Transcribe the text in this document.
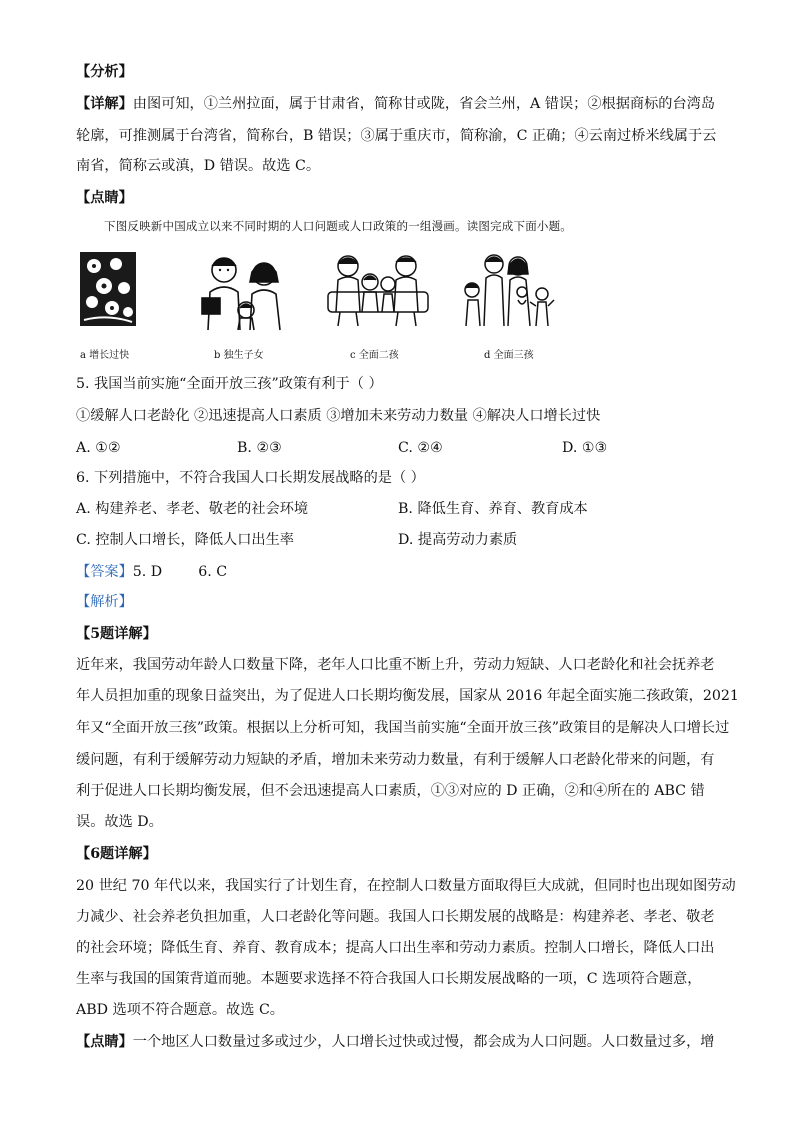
【分析】
【详解】由图可知，①兰州拉面，属于甘肃省，简称甘或陇，省会兰州，A 错误；②根据商标的台湾岛
轮廓，可推测属于台湾省，简称台，B 错误；③属于重庆市，简称渝，C 正确；④云南过桥米线属于云
南省，简称云或滇，D 错误。故选 C。
【点睛】
下图反映新中国成立以来不同时期的人口问题或人口政策的一组漫画。读图完成下面小题。
a 增长过快	b 独生子女	c 全面二孩	d 全面三孩
5. 我国当前实施“全面开放三孩”政策有利于（ ）
①缓解人口老龄化 ②迅速提高人口素质 ③增加未来劳动力数量 ④解决人口增长过快
A. ①②	B. ②③	C. ②④	D. ①③
6. 下列措施中，不符合我国人口长期发展战略的是（ ）
A. 构建养老、孝老、敬老的社会环境	B. 降低生育、养育、教育成本
C. 控制人口增长，降低人口出生率	D. 提高劳动力素质
【答案】5. D        6. C
【解析】
【5题详解】
近年来，我国劳动年龄人口数量下降，老年人口比重不断上升，劳动力短缺、人口老龄化和社会抚养老
年人员担加重的现象日益突出，为了促进人口长期均衡发展，国家从 2016 年起全面实施二孩政策，2021
年又“全面开放三孩”政策。根据以上分析可知，我国当前实施“全面开放三孩”政策目的是解决人口增长过
缓问题，有利于缓解劳动力短缺的矛盾，增加未来劳动力数量，有利于缓解人口老龄化带来的问题，有
利于促进人口长期均衡发展，但不会迅速提高人口素质，①③对应的 D 正确，②和④所在的 ABC 错
误。故选 D。
【6题详解】
20 世纪 70 年代以来，我国实行了计划生育，在控制人口数量方面取得巨大成就，但同时也出现如图劳动
力减少、社会养老负担加重，人口老龄化等问题。我国人口长期发展的战略是：构建养老、孝老、敬老
的社会环境；降低生育、养育、教育成本；提高人口出生率和劳动力素质。控制人口增长，降低人口出
生率与我国的国策背道而驰。本题要求选择不符合我国人口长期发展战略的一项，C 选项符合题意，
ABD 选项不符合题意。故选 C。
【点睛】一个地区人口数量过多或过少，人口增长过快或过慢，都会成为人口问题。人口数量过多，增
